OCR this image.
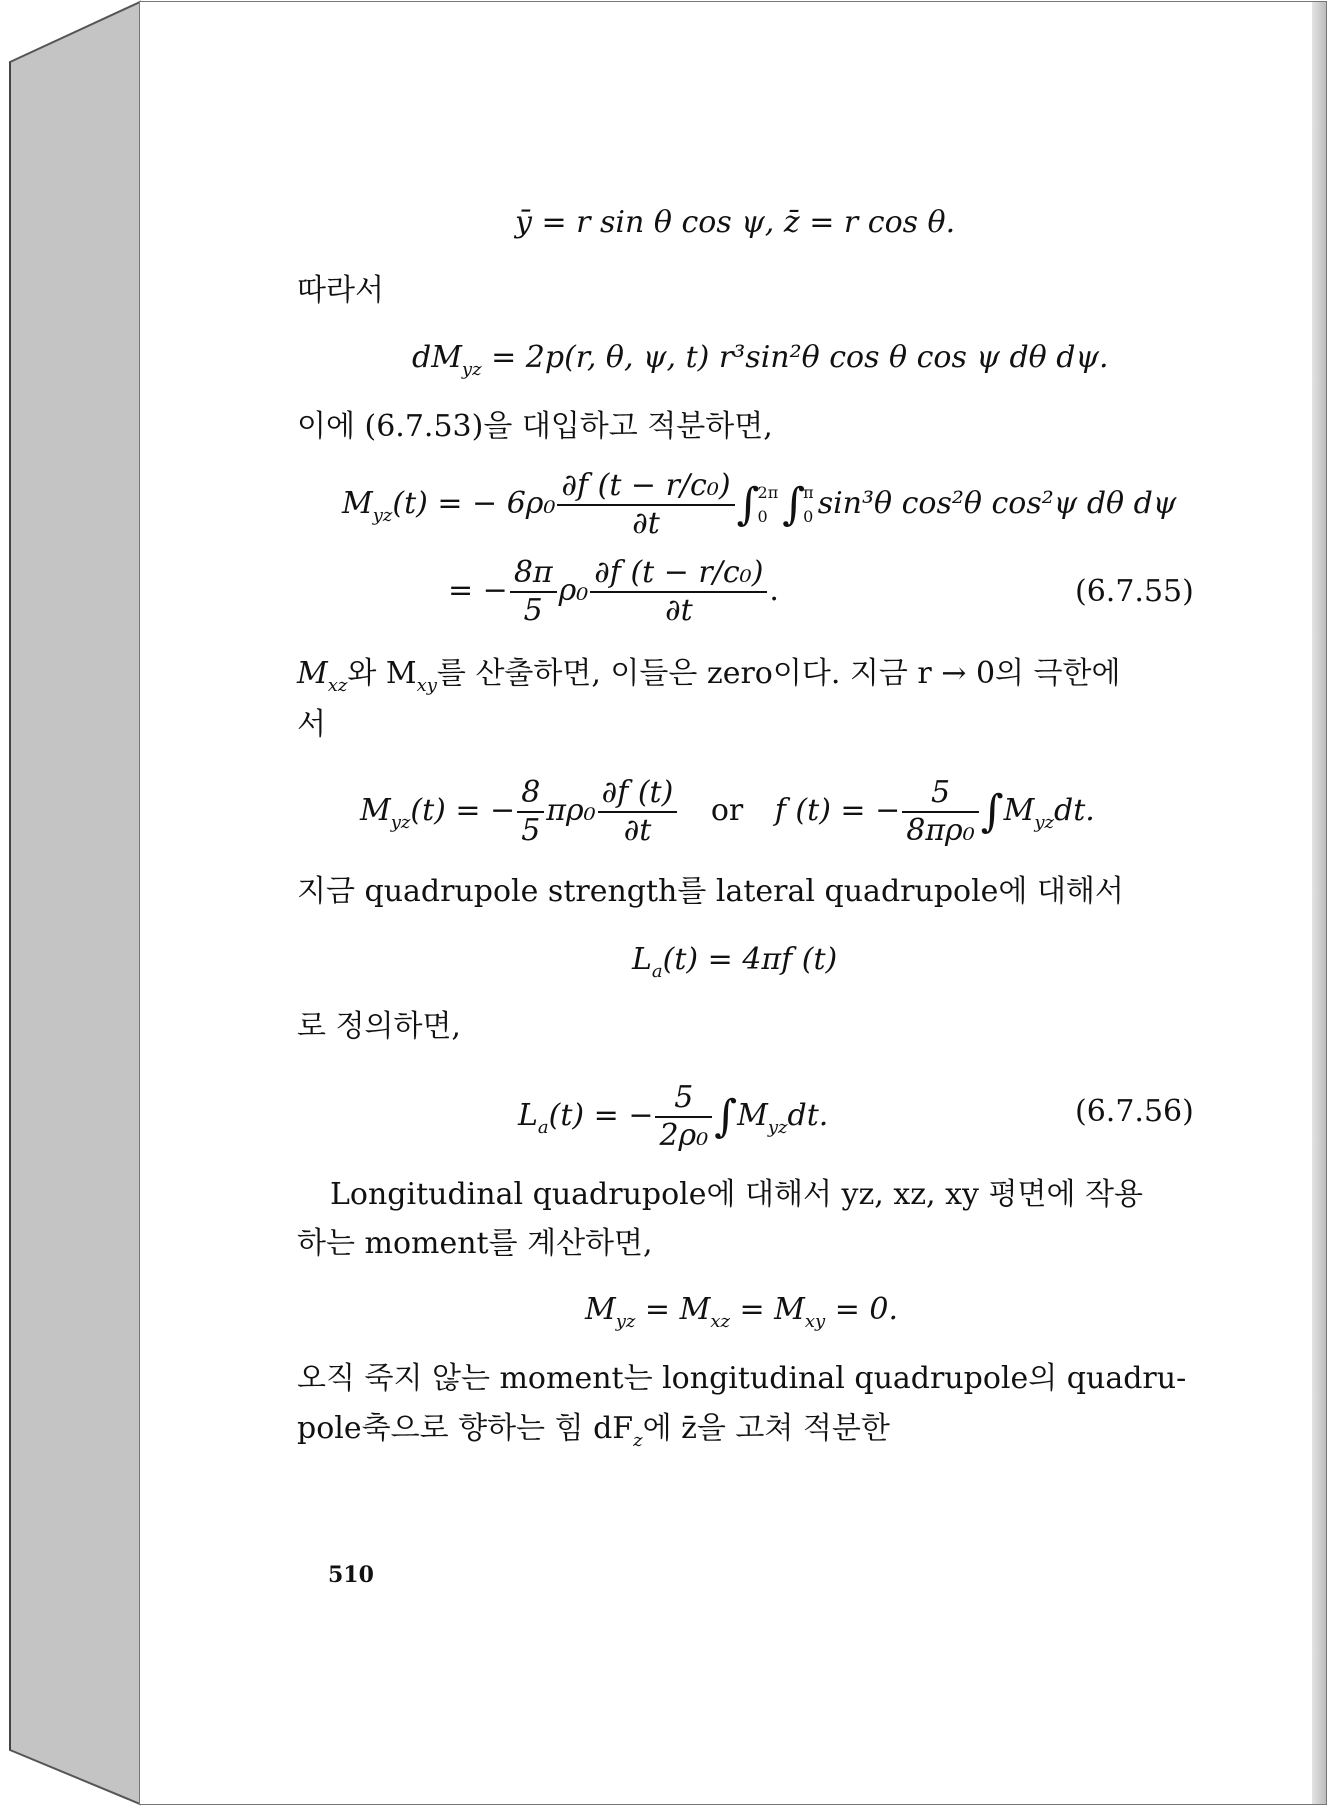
ȳ = r sin θ cos ψ, z̄ = r cos θ.
따라서
$dM_{yz} = 2p(r$, θ, ψ, t) r³sin²θ cos θ cos ψ dθ dψ.
이에 (6.7.53)을 대입하고 적분하면,
$M_{yz}(t)$ = − $6\rho_0 \frac{\text{∂f (t − r/c₀)}}{\partial t}$ ∫
2π
0 ∫
π
0 sin³θ cos²θ cos²ψ dθ dψ
= − $\frac{8\pi}{5} \rho_0 \frac{\text{∂f (t − r/c₀)}}{\partial t}$ .	(6.7.55)
$M_{xz}$와 $M_{xy}$를 산출하면, 이들은 zero이다. 지금 r → 0의 극한에
서
$M_{yz}(t)$ = − $\frac{8}{5} \pi\rho_0 \frac{\partial f (t)}{\partial t}$ or f (t) = − $\frac{5}{\text{8πρ₀}} \int M_{yz}dt$.
지금 quadrupole strength를 lateral quadrupole에 대해서
$L_a(t) = 4\pi f$ (t)
로 정의하면,
$L_a(t)$ = − $\frac{5}{\text{2ρ₀}} \int M_{yz}dt$.	(6.7.56)
Longitudinal quadrupole에 대해서 yz, xz, xy 평면에 작용
하는 moment를 계산하면,
$M_{yz} = M_{xz} = M_{xy} = 0$.
오직 죽지 않는 moment는 longitudinal quadrupole의 quadru-
pole축으로 향하는 힘 $dF_z$에 z̄을 고쳐 적분한
510
